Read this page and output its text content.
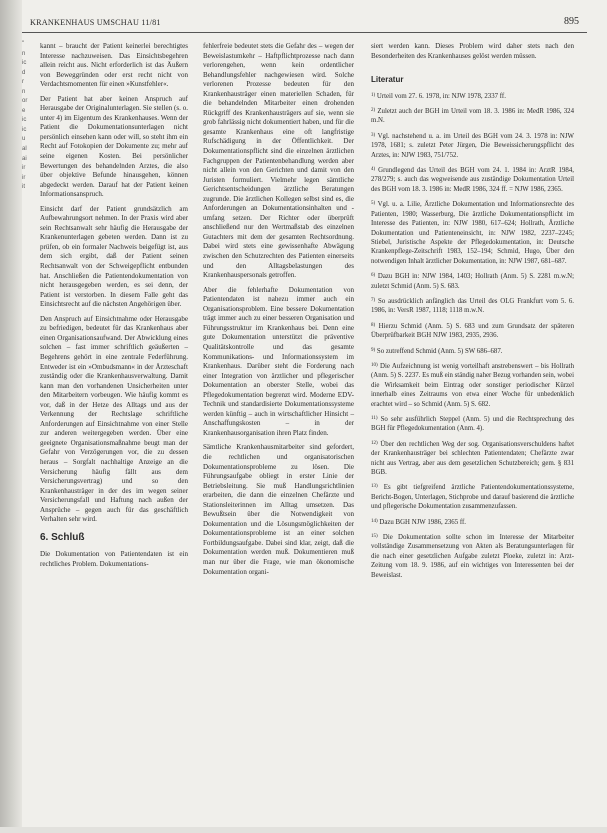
''
n
ic
d
r
n
or
e
ic
ic
u
al
ai
ir
ir
it
KRANKENHAUS UMSCHAU 11/81	895

kannt – braucht der Patient keinerlei berechtigtes Interesse nachzuweisen. Das Einsichtsbegehren allein reicht aus. Nicht erforderlich ist das Äußern von Beweggründen oder erst recht nicht von Verdachtsmomenten für einen »Kunstfehler«.

Der Patient hat aber keinen Anspruch auf Herausgabe der Originalunterlagen. Sie stellen (s. o. unter 4) im Eigentum des Krankenhauses. Wenn der Patient die Dokumentationsunterlagen nicht persönlich einsehen kann oder will, so steht ihm ein Recht auf Fotokopien der Dokumente zu; mehr auf seine eigenen Kosten. Bei persönlicher Bewertungen des behandelnden Arztes, die also über objektive Befunde hinausgehen, können abgedeckt werden. Darauf hat der Patient keinen Informationsanspruch.

Einsicht darf der Patient grundsätzlich am Aufbewahrungsort nehmen. In der Praxis wird aber sein Rechtsanwalt sehr häufig die Herausgabe der Krankenunterlagen gebeten werden. Dann ist zu prüfen, ob ein formaler Nachweis beigefügt ist, aus dem sich ergibt, daß der Patient seinen Rechtsanwalt von der Schweigepflicht entbunden hat. Anschließen die Patientendokumentation von nicht herausgegeben werden, es sei denn, der Patient ist verstorben. In diesem Falle geht das Einsichtsrecht auf die nächsten Angehörigen über.

Den Anspruch auf Einsichtnahme oder Herausgabe zu befriedigen, bedeutet für das Krankenhaus aber einen Organisationsaufwand. Der Abwicklung eines solchen – fast immer schriftlich geäußerten – Begehrens gehört in eine zentrale Federführung. Entweder ist ein »Ombudsmann« in der Ärzteschaft zuständig oder die Krankenhausverwaltung. Damit kann man den vorhandenen Unsicherheiten unter den Mitarbeitern vorbeugen. Wie häufig kommt es vor, daß in der Hetze des Alltags und aus der Verkennung der Rechtslage schriftliche Anforderungen auf Einsichtnahme von einer Stelle zur anderen weitergegeben werden. Über eine geeignete Organisationsmaßnahme beugt man der Gefahr von Verzögerungen vor, die zu dessen heraus – Sorgfalt nachhaltige Anzeige an die Versicherung häufig fällt aus dem Versicherungsvertrag) und so den Krankenhausträger in der des im wegen seiner Versicherungsfall und Haftung nach außen der Ansprüche – gegen auch für das geschäftlich Verhalten sehr wird.

6. Schluß

Die Dokumentation von Patientendaten ist ein rechtliches Problem. Dokumentations-

fehlerfreie bedeutet stets die Gefahr des – wegen der Beweislastumkehr – Haftpflichtprozesse nach dann verlorengehen, wenn kein ordentlicher Behandlungsfehler nachgewiesen wird. Solche verlorenen Prozesse bedeuten für den Krankenhausträger einen materiellen Schaden, für die behandelnden Mitarbeiter einen drohenden Rückgriff des Krankenhausträgers auf sie, wenn sie grob fahrlässig nicht dokumentiert haben, und für die gesamte Krankenhaus eine oft langfristige Rufschädigung in der Öffentlichkeit. Der Dokumentationspflicht sind die einzelnen ärztlichen Fachgruppen der Patientenbehandlung werden aber nicht allein von den Gerichten und damit von den Juristen formuliert. Vielmehr legen sämtliche Gerichtsentscheidungen ärztliche Beratungen zugrunde. Die ärztlichen Kollegen selbst sind es, die Anforderungen an Dokumentationsinhalten und -umfang setzen. Der Richter oder überprüft anschließend nur den Wertmaßstab des einzelnen Gutachters mit dem der gesamten Rechtsordnung. Dabei wird stets eine gewissenhafte Abwägung zwischen den Schutzrechten des Patienten einerseits und den Alltagsbelastungen des Krankenhauspersonals getroffen.

Aber die fehlerhafte Dokumentation von Patientendaten ist nahezu immer auch ein Organisationsproblem. Eine bessere Dokumentation trägt immer auch zu einer besseren Organisation und Führungsstruktur im Krankenhaus bei. Denn eine gute Dokumentation unterstützt die präventive Qualitätskontrolle und das gesamte Kommunikations- und Informationssystem im Krankenhaus. Darüber steht die Forderung nach einer Integration von ärztlicher und pflegerischer Dokumentation an oberster Stelle, wobei das Pflegedokumentation begrenzt wird. Moderne EDV-Technik und standardisierte Dokumentationssysteme werden künftig – auch in wirtschaftlicher Hinsicht – Anschaffungskosten – in der Krankenhausorganisation ihren Platz finden.

Sämtliche Krankenhausmitarbeiter sind gefordert, die rechtlichen und organisatorischen Dokumentationsprobleme zu lösen. Die Führungsaufgabe obliegt in erster Linie der Betriebsleitung. Sie muß Handlungsrichtlinien erarbeiten, die dann die einzelnen Chefärzte und Stationsleiterinnen im Alltag umsetzen. Das Bewußtsein über die Notwendigkeit von Dokumentation und die Lösungsmöglichkeiten der Dokumentationsprobleme ist an einer solchen Fortbildungsaufgabe. Dabei sind klar, zeigt, daß die Dokumentation werden muß. Dokumentieren muß man nur über die Frage, wie man ökonomische Dokumentation organi-

siert werden kann. Dieses Problem wird daher stets nach den Besonderheiten des Krankenhauses gelöst werden müssen.

Literatur

$^{1)}$ Urteil vom 27. 6. 1978, in: NJW 1978, 2337 ff.

$^{2)}$ Zuletzt auch der BGH im Urteil vom 18. 3. 1986 in: MedR 1986, 324 m.N.

$^{3)}$ Vgl. nachstehend u. a. im Urteil des BGH vom 24. 3. 1978 in: NJW 1978, 1681; s. zuletzt Peter Jürgen, Die Beweissicherungspflicht des Arztes, in: NJW 1983, 751/752.

$^{4)}$ Grundlegend das Urteil des BGH vom 24. 1. 1984 in: ArztR 1984, 278/279; s. auch das wegweisende aus zuständige Dokumentation Urteil des BGH vom 18. 3. 1986 in: MedR 1986, 324 ff. = NJW 1986, 2365.

$^{5)}$ Vgl. u. a. Lilie, Ärztliche Dokumentation und Informationsrechte des Patienten, 1980; Wasserburg, Die ärztliche Dokumentationspflicht im Interesse des Patienten, in: NJW 1980, 617–624; Hollrath, Ärztliche Dokumentation und Patienteneinsicht, in: NJW 1982, 2237–2245; Stiebel, Juristische Aspekte der Pflegedokumentation, in: Deutsche Krankenpflege-Zeitschrift 1983, 152–194; Schmid, Hugo, Über den notwendigen Inhalt ärztlicher Dokumentation, in: NJW 1987, 681–687.

$^{6)}$ Dazu BGH in: NJW 1984, 1403; Hollrath (Anm. 5) S. 2281 m.w.N; zuletzt Schmid (Anm. 5) S. 683.

$^{7)}$ So ausdrücklich anfänglich das Urteil des OLG Frankfurt vom 5. 6. 1986, in: VersR 1987, 1118; 1118 m.w.N.

$^{8)}$ Hierzu Schmid (Anm. 5) S. 683 und zum Grundsatz der späteren Überprüfbarkeit BGH NJW 1983, 2935, 2936.

$^{9)}$ So zutreffend Schmid (Anm. 5) SW 686–687.

$^{10)}$ Die Aufzeichnung ist wenig vorteilhaft anstrebenswert – bis Hollrath (Anm. 5) S. 2237. Es muß ein ständig naher Bezug vorhanden sein, wobei die Wirksamkeit beim Eintrag oder sonstiger periodischer Kürzel innerhalb eines Zeitraums von etwa einer Woche für unbedenklich erachtet wird – so Schmid (Anm. 5) S. 682.

$^{11)}$ So sehr ausführlich Steppel (Anm. 5) und die Rechtsprechung des BGH für Pflegedokumentation (Anm. 4).

$^{12)}$ Über den rechtlichen Weg der sog. Organisationsverschuldens haftet der Krankenhausträger bei schlechten Patientendaten; Chefärzte zwar nicht aus Vertrag, aber aus dem gesetzlichen Schutzbereich; gem. § 831 BGB.

$^{13)}$ Es gibt tiefgreifend ärztliche Patientendokumentationssysteme, Bericht-Bogen, Unterlagen, Stichprobe und darauf basierend die ärztliche und pflegerische Dokumentation zusammenzufassen.

$^{14)}$ Dazu BGH NJW 1986, 2365 ff.

$^{15)}$ Die Dokumentation sollte schon im Interesse der Mitarbeiter vollständige Zusammensetzung von Akten als Beratungsunterlagen für die nach einer gesetzlichen Aufgabe zuletzt Ploeke, zuletzt in: Arzt-Zeitung vom 18. 9. 1986, auf ein wichtiges von Interessenten bei der Beweislast.
